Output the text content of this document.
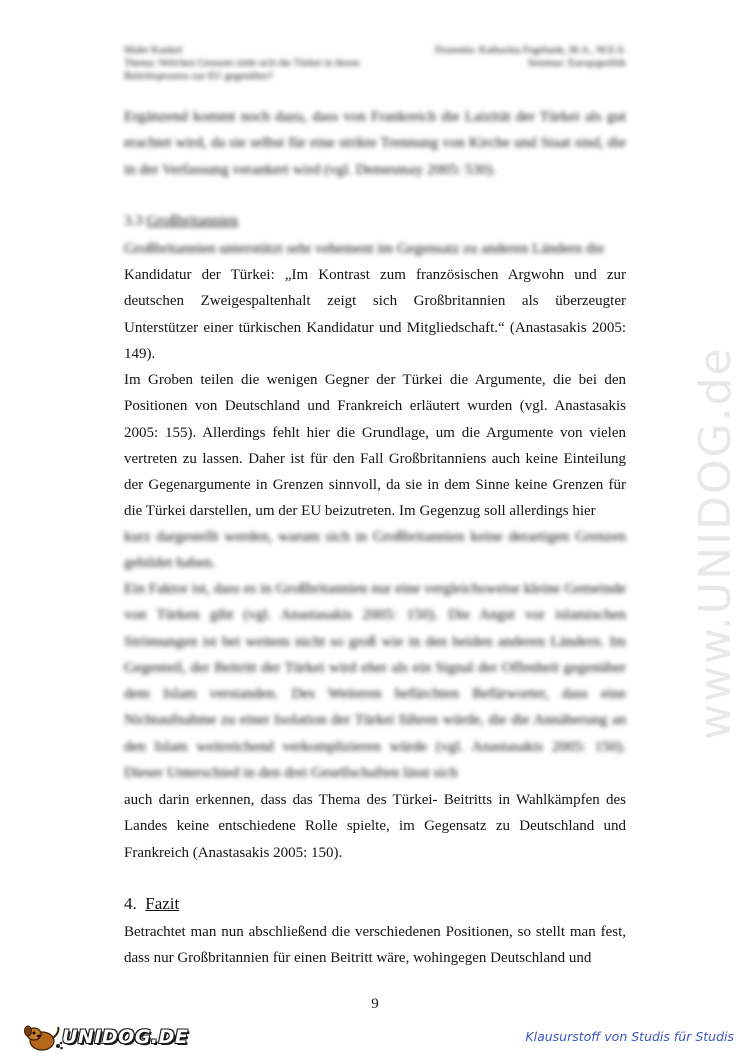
Malte Kunkel	Dozentin: Katharina Fegebank, M.A., M.E.S.
Thema: Welchen Grenzen zieht sich die Türkei in ihrem	Seminar: Europapolitik
Beitrittsprozess zur EU gegenüber?

Ergänzend kommt noch dazu, dass von Frankreich die Laizität der Türkei als gut erachtet wird, da sie selbst für eine strikte Trennung von Kirche und Staat sind, die in der Verfassung verankert wird (vgl. Demesmay 2005: 530).

3.3 Großbritannien

Großbritannien unterstützt sehr vehement im Gegensatz zu anderen Ländern die

Kandidatur der Türkei: „Im Kontrast zum französischen Argwohn und zur deutschen Zweigespaltenhalt zeigt sich Großbritannien als überzeugter Unterstützer einer türkischen Kandidatur und Mitgliedschaft.“ (Anastasakis 2005: 149).

Im Groben teilen die wenigen Gegner der Türkei die Argumente, die bei den Positionen von Deutschland und Frankreich erläutert wurden (vgl. Anastasakis 2005: 155). Allerdings fehlt hier die Grundlage, um die Argumente von vielen vertreten zu lassen. Daher ist für den Fall Großbritanniens auch keine Einteilung der Gegenargumente in Grenzen sinnvoll, da sie in dem Sinne keine Grenzen für die Türkei darstellen, um der EU beizutreten. Im Gegenzug soll allerdings hier

kurz dargestellt werden, warum sich in Großbritannien keine derartigen Grenzen gebildet haben.

Ein Faktor ist, dass es in Großbritannien nur eine vergleichsweise kleine Gemeinde von Türken gibt (vgl. Anastasakis 2005: 150). Die Angst vor islamischen Strömungen ist bei weitem nicht so groß wie in den beiden anderen Ländern. Im Gegenteil, der Beitritt der Türkei wird eher als ein Signal der Offenheit gegenüber dem Islam verstanden. Des Weiteren befürchten Befürworter, dass eine Nichtaufnahme zu einer Isolation der Türkei führen würde, die die Annäherung an den Islam weitreichend verkomplizieren würde (vgl. Anastasakis 2005: 150). Dieser Unterschied in den drei Gesellschaften lässt sich

auch darin erkennen, dass das Thema des Türkei- Beitritts in Wahlkämpfen des Landes keine entschiedene Rolle spielte, im Gegensatz zu Deutschland und Frankreich (Anastasakis 2005: 150).

4. Fazit

Betrachtet man nun abschließend die verschiedenen Positionen, so stellt man fest, dass nur Großbritannien für einen Beitritt wäre, wohingegen Deutschland und

9
www.UNIDOG.de
UNIDOG.DE	Klausurstoff von Studis für Studis
